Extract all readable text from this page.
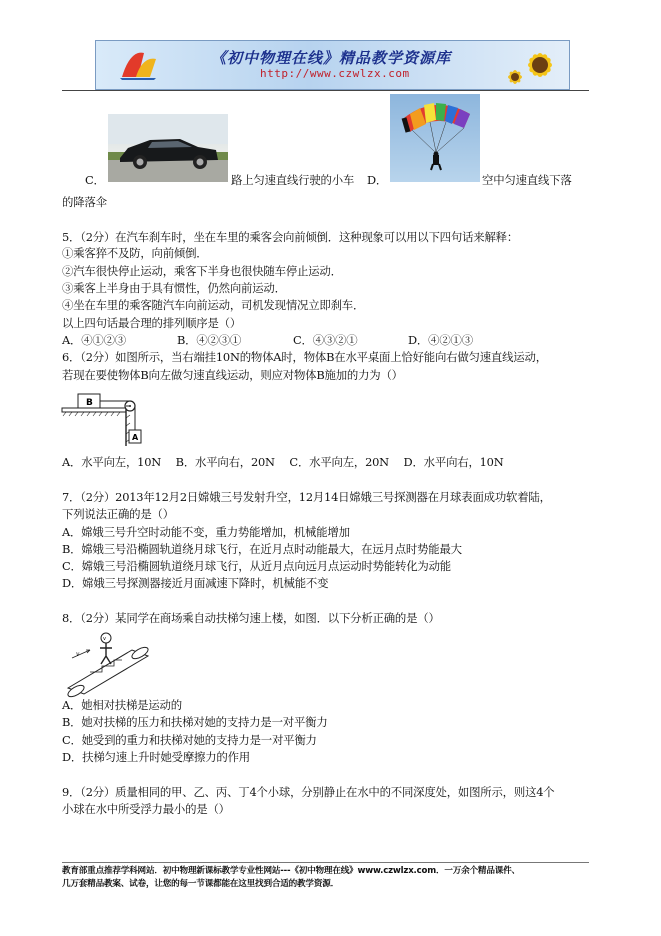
《初中物理在线》精品教学资源库
http://www.czwlzx.com
C．	路上匀速直线行驶的小车 D．	空中匀速直线下落
的降落伞
5．（2分）在汽车刹车时，坐在车里的乘客会向前倾倒．这种现象可以用以下四句话来解释：
①乘客猝不及防，向前倾倒．
②汽车很快停止运动，乘客下半身也很快随车停止运动．
③乘客上半身由于具有惯性，仍然向前运动．
④坐在车里的乘客随汽车向前运动，司机发现情况立即刹车．
以上四句话最合理的排列顺序是（）
A．④①②③	B．④②③①	C．④③②①	D．④②①③
6．（2分）如图所示，当右端挂10N的物体A时，物体B在水平桌面上恰好能向右做匀速直线运动，
若现在要使物体B向左做匀速直线运动，则应对物体B施加的力为（）
B
A
A．水平向左，10N　 B．水平向右，20N　 C．水平向左，20N　 D．水平向右，10N
7．（2分）2013年12月2日嫦娥三号发射升空，12月14日嫦娥三号探测器在月球表面成功软着陆，
下列说法正确的是（）
A．嫦娥三号升空时动能不变，重力势能增加，机械能增加
B．嫦娥三号沿椭圆轨道绕月球飞行，在近月点时动能最大，在远月点时势能最大
C．嫦娥三号沿椭圆轨道绕月球飞行，从近月点向远月点运动时势能转化为动能
D．嫦娥三号探测器接近月面减速下降时，机械能不变
8．（2分）某同学在商场乘自动扶梯匀速上楼，如图．以下分析正确的是（）
v
v
A．她相对扶梯是运动的
B．她对扶梯的压力和扶梯对她的支持力是一对平衡力
C．她受到的重力和扶梯对她的支持力是一对平衡力
D．扶梯匀速上升时她受摩擦力的作用
9．（2分）质量相同的甲、乙、丙、丁4个小球，分别静止在水中的不同深度处，如图所示，则这4个
小球在水中所受浮力最小的是（）
教育部重点推荐学科网站．初中物理新课标教学专业性网站---《初中物理在线》www.czwlzx.com．一万余个精品课件、
几万套精品教案、试卷，让您的每一节课都能在这里找到合适的教学资源．
